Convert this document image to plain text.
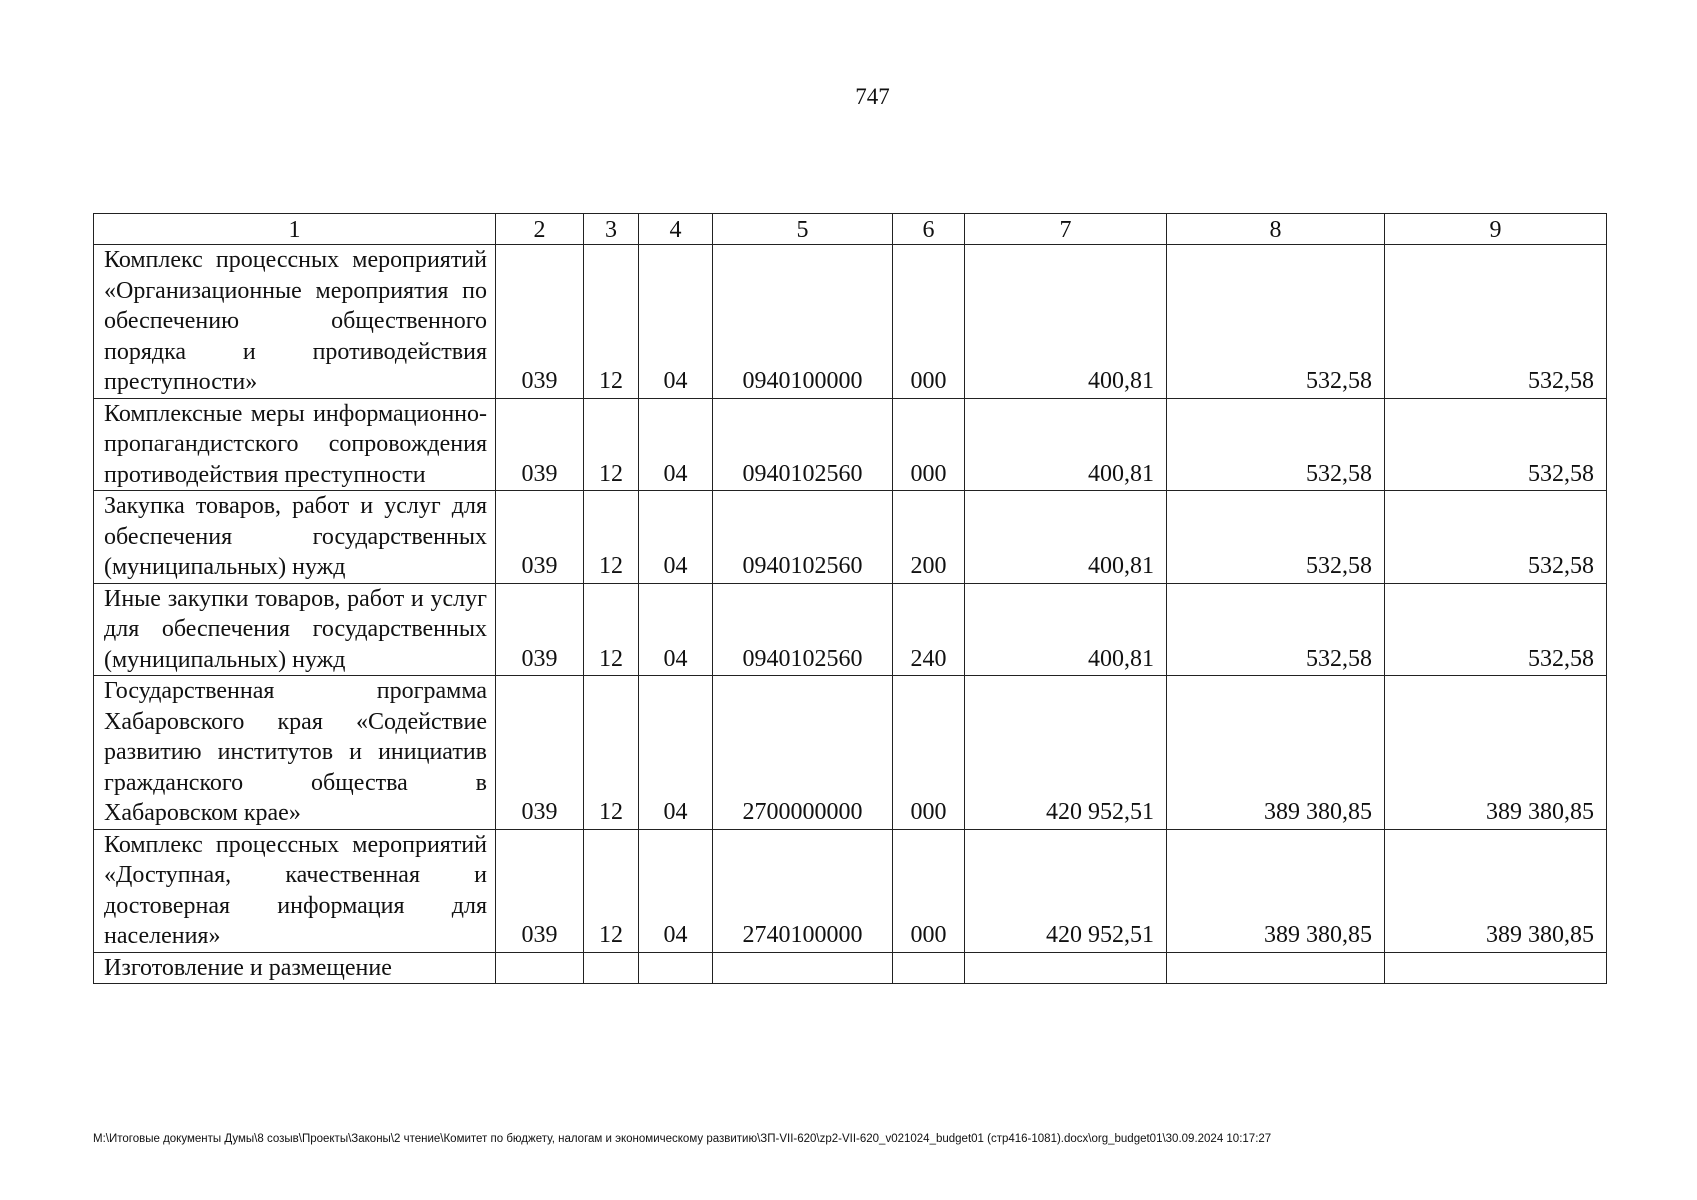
747
1	2	3	4	5	6	7	8	9
Комплекс процессных мероприятий «Организационные мероприятия по обеспечению общественного порядка и противодействия преступности»	039	12	04	0940100000	000	400,81	532,58	532,58
Комплексные меры информационно-пропагандистского сопровождения противодействия преступности	039	12	04	0940102560	000	400,81	532,58	532,58
Закупка товаров, работ и услуг для обеспечения государственных (муниципальных) нужд	039	12	04	0940102560	200	400,81	532,58	532,58
Иные закупки товаров, работ и услуг для обеспечения государственных (муниципальных) нужд	039	12	04	0940102560	240	400,81	532,58	532,58
Государственная программа Хабаровского края «Содействие развитию институтов и инициатив гражданского общества в Хабаровском крае»	039	12	04	2700000000	000	420 952,51	389 380,85	389 380,85
Комплекс процессных мероприятий «Доступная, качественная и достоверная информация для населения»	039	12	04	2740100000	000	420 952,51	389 380,85	389 380,85
Изготовление и размещение								
M:\Итоговые документы Думы\8 созыв\Проекты\Законы\2 чтение\Комитет по бюджету, налогам и экономическому развитию\ЗП-VII-620\zp2-VII-620_v021024_budget01 (стр416-1081).docx\org_budget01\30.09.2024 10:17:27
